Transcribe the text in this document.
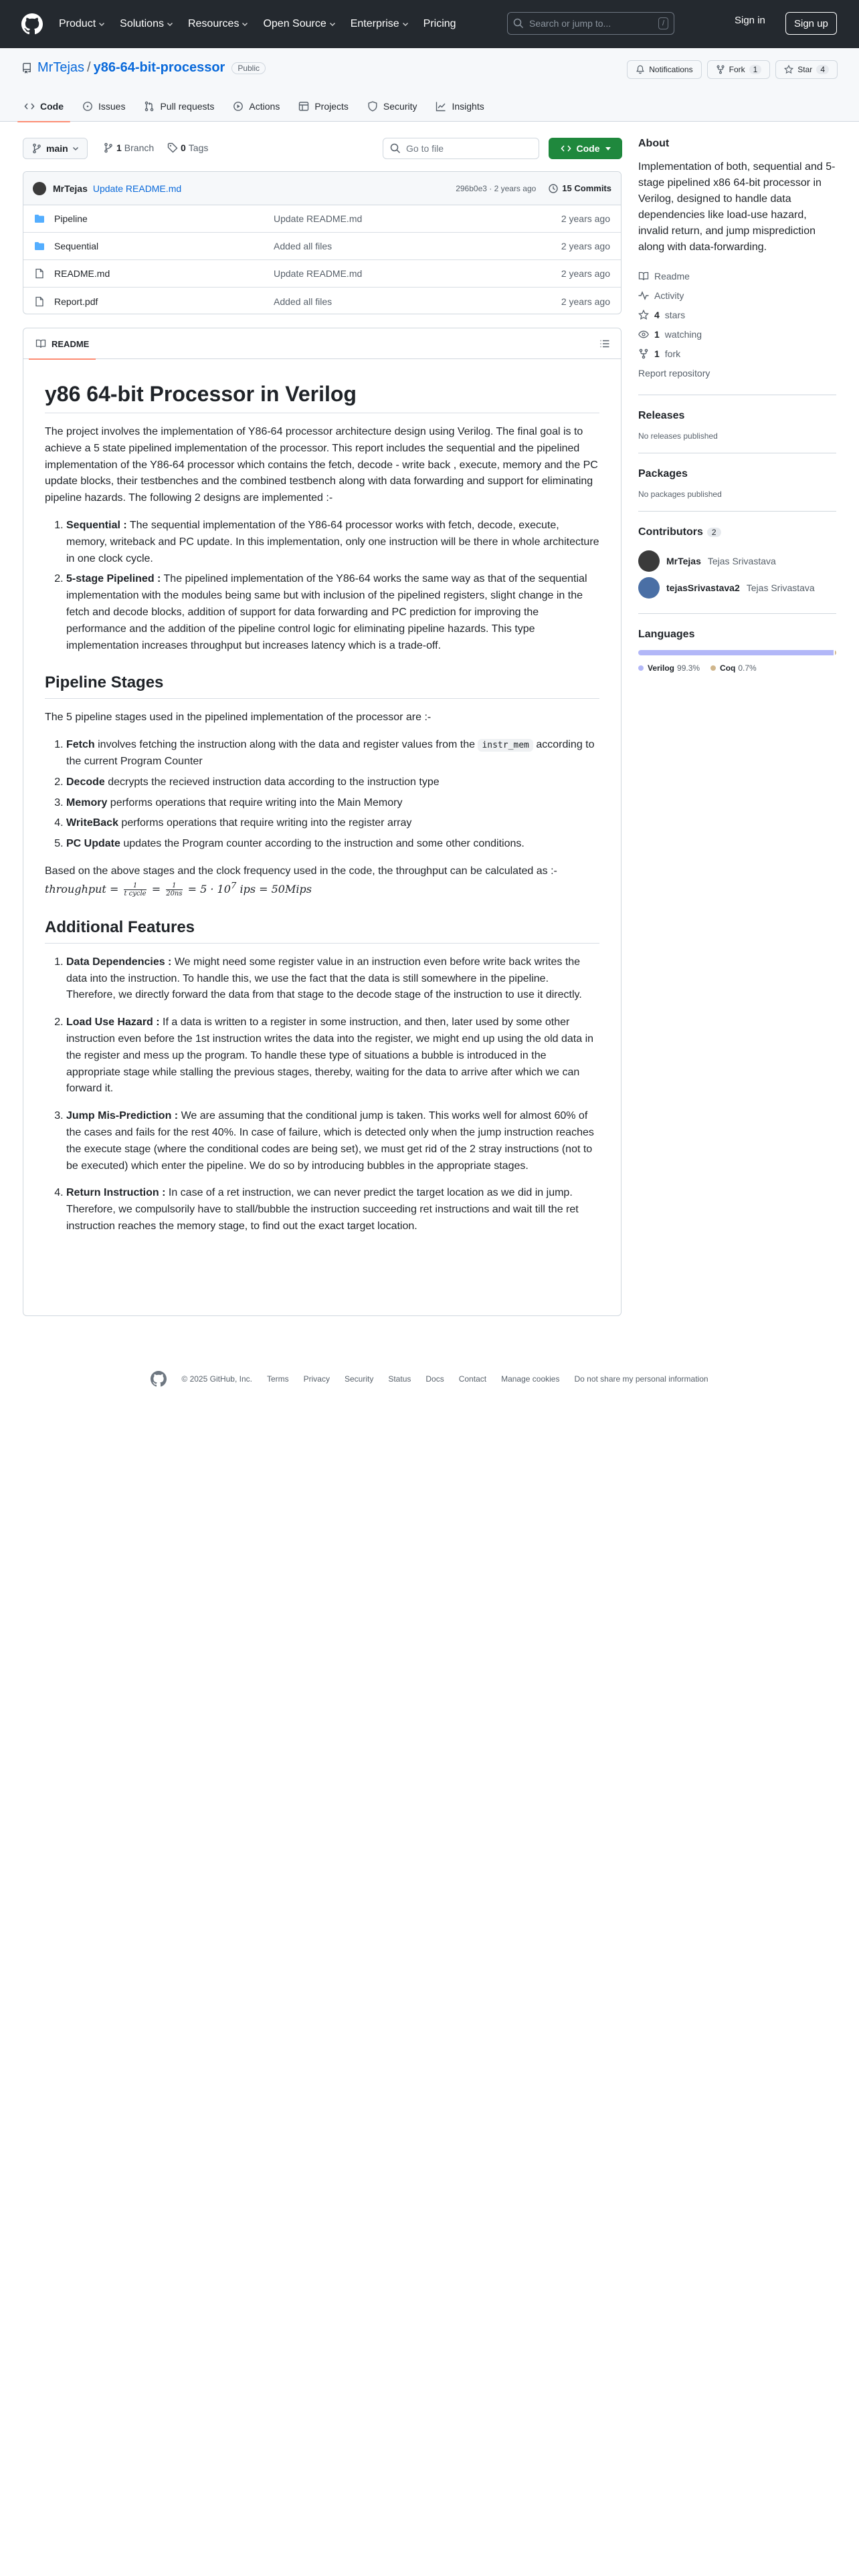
Product Solutions Resources Open Source Enterprise Pricing	Search or jump to...	/	Sign in	Sign up
MrTejas / y86-64-bit-processor	Public	Notifications	Fork	1	Star	4
Code	Issues	Pull requests	Actions	Projects	Security	Insights
main	1 Branch	0 Tags	Go to file	Code
MrTejas Update README.md	296b0e3 · 2 years ago	15 Commits
Pipeline	Update README.md	2 years ago
Sequential	Added all files	2 years ago
README.md	Update README.md	2 years ago
Report.pdf	Added all files	2 years ago
README
y86 64-bit Processor in Verilog

The project involves the implementation of Y86-64 processor architecture design using Verilog. The final goal is to achieve a 5 state pipelined implementation of the processor. This report includes the sequential and the pipelined implementation of the Y86-64 processor which contains the fetch, decode - write back , execute, memory and the PC update blocks, their testbenches and the combined testbench along with data forwarding and support for eliminating pipeline hazards. The following 2 designs are implemented :-

1. Sequential : The sequential implementation of the Y86-64 processor works with fetch, decode, execute, memory, writeback and PC update. In this implementation, only one instruction will be there in whole architecture in one clock cycle.
2. 5-stage Pipelined : The pipelined implementation of the Y86-64 works the same way as that of the sequential implementation with the modules being same but with inclusion of the pipelined registers, slight change in the fetch and decode blocks, addition of support for data forwarding and PC prediction for improving the performance and the addition of the pipeline control logic for eliminating pipeline hazards. This type implementation increases throughput but increases latency which is a trade-off.
Pipeline Stages

The 5 pipeline stages used in the pipelined implementation of the processor are :-

1. Fetch involves fetching the instruction along with the data and register values from the instr_mem according to the current Program Counter
2. Decode decrypts the recieved instruction data according to the instruction type
3. Memory performs operations that require writing into the Main Memory
4. WriteBack performs operations that require writing into the register array
5. PC Update updates the Program counter according to the instruction and some other conditions.

Based on the above stages and the clock frequency used in the code, the throughput can be calculated as :- throughput = $\frac{1}{\text{t cycle}} = \frac{1}{20ns} = 5 \cdot 10^7$ ips = 50Mips

Additional Features
1. Data Dependencies : We might need some register value in an instruction even before write back writes the data into the instruction. To handle this, we use the fact that the data is still somewhere in the pipeline. Therefore, we directly forward the data from that stage to the decode stage of the instruction to use it directly.
2. Load Use Hazard : If a data is written to a register in some instruction, and then, later used by some other instruction even before the 1st instruction writes the data into the register, we might end up using the old data in the register and mess up the program. To handle these type of situations a bubble is introduced in the appropriate stage while stalling the previous stages, thereby, waiting for the data to arrive after which we can forward it.
3. Jump Mis-Prediction : We are assuming that the conditional jump is taken. This works well for almost 60% of the cases and fails for the rest 40%. In case of failure, which is detected only when the jump instruction reaches the execute stage (where the conditional codes are being set), we must get rid of the 2 stray instructions (not to be executed) which enter the pipeline. We do so by introducing bubbles in the appropriate stages.
4. Return Instruction : In case of a ret instruction, we can never predict the target location as we did in jump. Therefore, we compulsorily have to stall/bubble the instruction succeeding ret instructions and wait till the ret instruction reaches the memory stage, to find out the exact target location.
About
Implementation of both, sequential and 5-stage pipelined x86 64-bit processor in Verilog, designed to handle data dependencies like load-use hazard, invalid return, and jump misprediction along with data-forwarding.
Readme
Activity
4 stars
1 watching
1 fork
Report repository
Releases
No releases published
Packages
No packages published
Contributors 2
MrTejas Tejas Srivastava
tejasSrivastava2 Tejas Srivastava
Languages
Verilog 99.3%	Coq 0.7%
© 2025 GitHub, Inc. Terms Privacy Security Status Docs Contact Manage cookies Do not share my personal information
